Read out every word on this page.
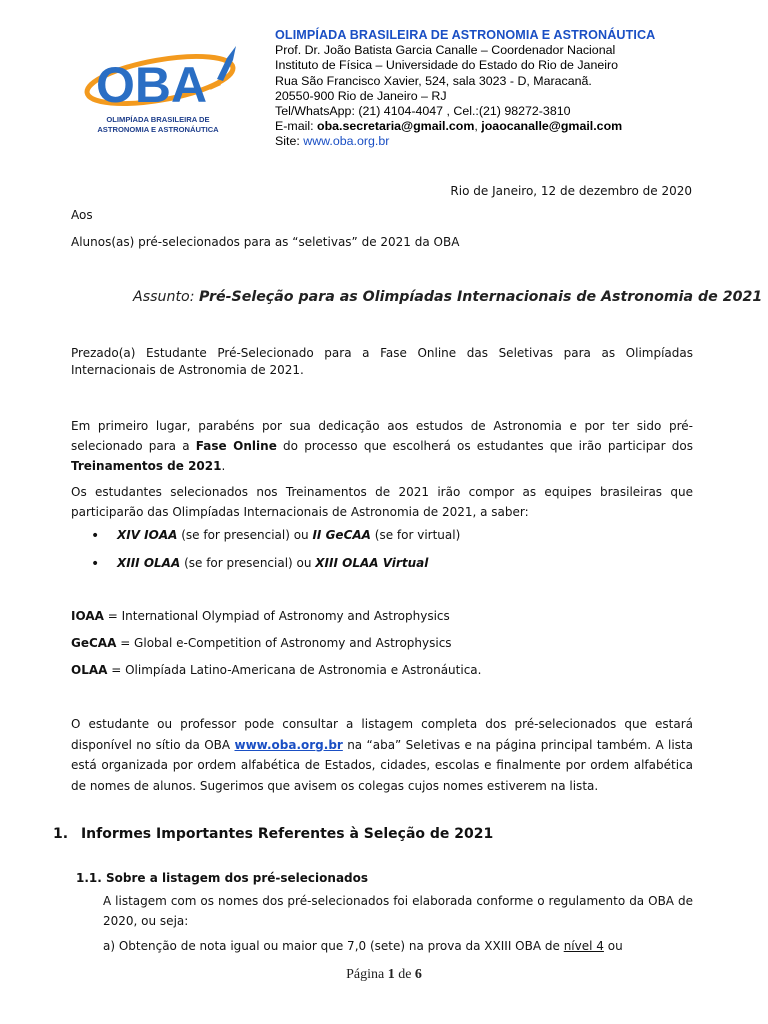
OBA
OLIMPÍADA BRASILEIRA DE
ASTRONOMIA E ASTRONÁUTICA
OLIMPÍADA BRASILEIRA DE ASTRONOMIA E ASTRONÁUTICA
Prof. Dr. João Batista Garcia Canalle – Coordenador Nacional
Instituto de Física – Universidade do Estado do Rio de Janeiro
Rua São Francisco Xavier, 524, sala 3023 - D, Maracanã.
20550-900 Rio de Janeiro – RJ
Tel/WhatsApp: (21) 4104-4047 , Cel.:(21) 98272-3810
E-mail: oba.secretaria@gmail.com, joaocanalle@gmail.com
Site: www.oba.org.br
Rio de Janeiro, 12 de dezembro de 2020
Aos
Alunos(as) pré-selecionados para as “seletivas” de 2021 da OBA
Assunto: Pré-Seleção para as Olimpíadas Internacionais de Astronomia de 2021
Prezado(a) Estudante Pré-Selecionado para a Fase Online das Seletivas para as Olimpíadas
Internacionais de Astronomia de 2021.
Em primeiro lugar, parabéns por sua dedicação aos estudos de Astronomia e por ter sido pré-
selecionado para a Fase Online do processo que escolherá os estudantes que irão participar dos
Treinamentos de 2021.
Os estudantes selecionados nos Treinamentos de 2021 irão compor as equipes brasileiras que
participarão das Olimpíadas Internacionais de Astronomia de 2021, a saber:
• XIV IOAA (se for presencial) ou II GeCAA (se for virtual)
• XIII OLAA (se for presencial) ou XIII OLAA Virtual
IOAA = International Olympiad of Astronomy and Astrophysics
GeCAA = Global e-Competition of Astronomy and Astrophysics
OLAA = Olimpíada Latino-Americana de Astronomia e Astronáutica.
O estudante ou professor pode consultar a listagem completa dos pré-selecionados que estará
disponível no sítio da OBA www.oba.org.br na “aba” Seletivas e na página principal também. A lista
está organizada por ordem alfabética de Estados, cidades, escolas e finalmente por ordem alfabética
de nomes de alunos. Sugerimos que avisem os colegas cujos nomes estiverem na lista.
1. Informes Importantes Referentes à Seleção de 2021
1.1. Sobre a listagem dos pré-selecionados
A listagem com os nomes dos pré-selecionados foi elaborada conforme o regulamento da OBA de
2020, ou seja:
a) Obtenção de nota igual ou maior que 7,0 (sete) na prova da XXIII OBA de nível 4 ou
Página 1 de 6
